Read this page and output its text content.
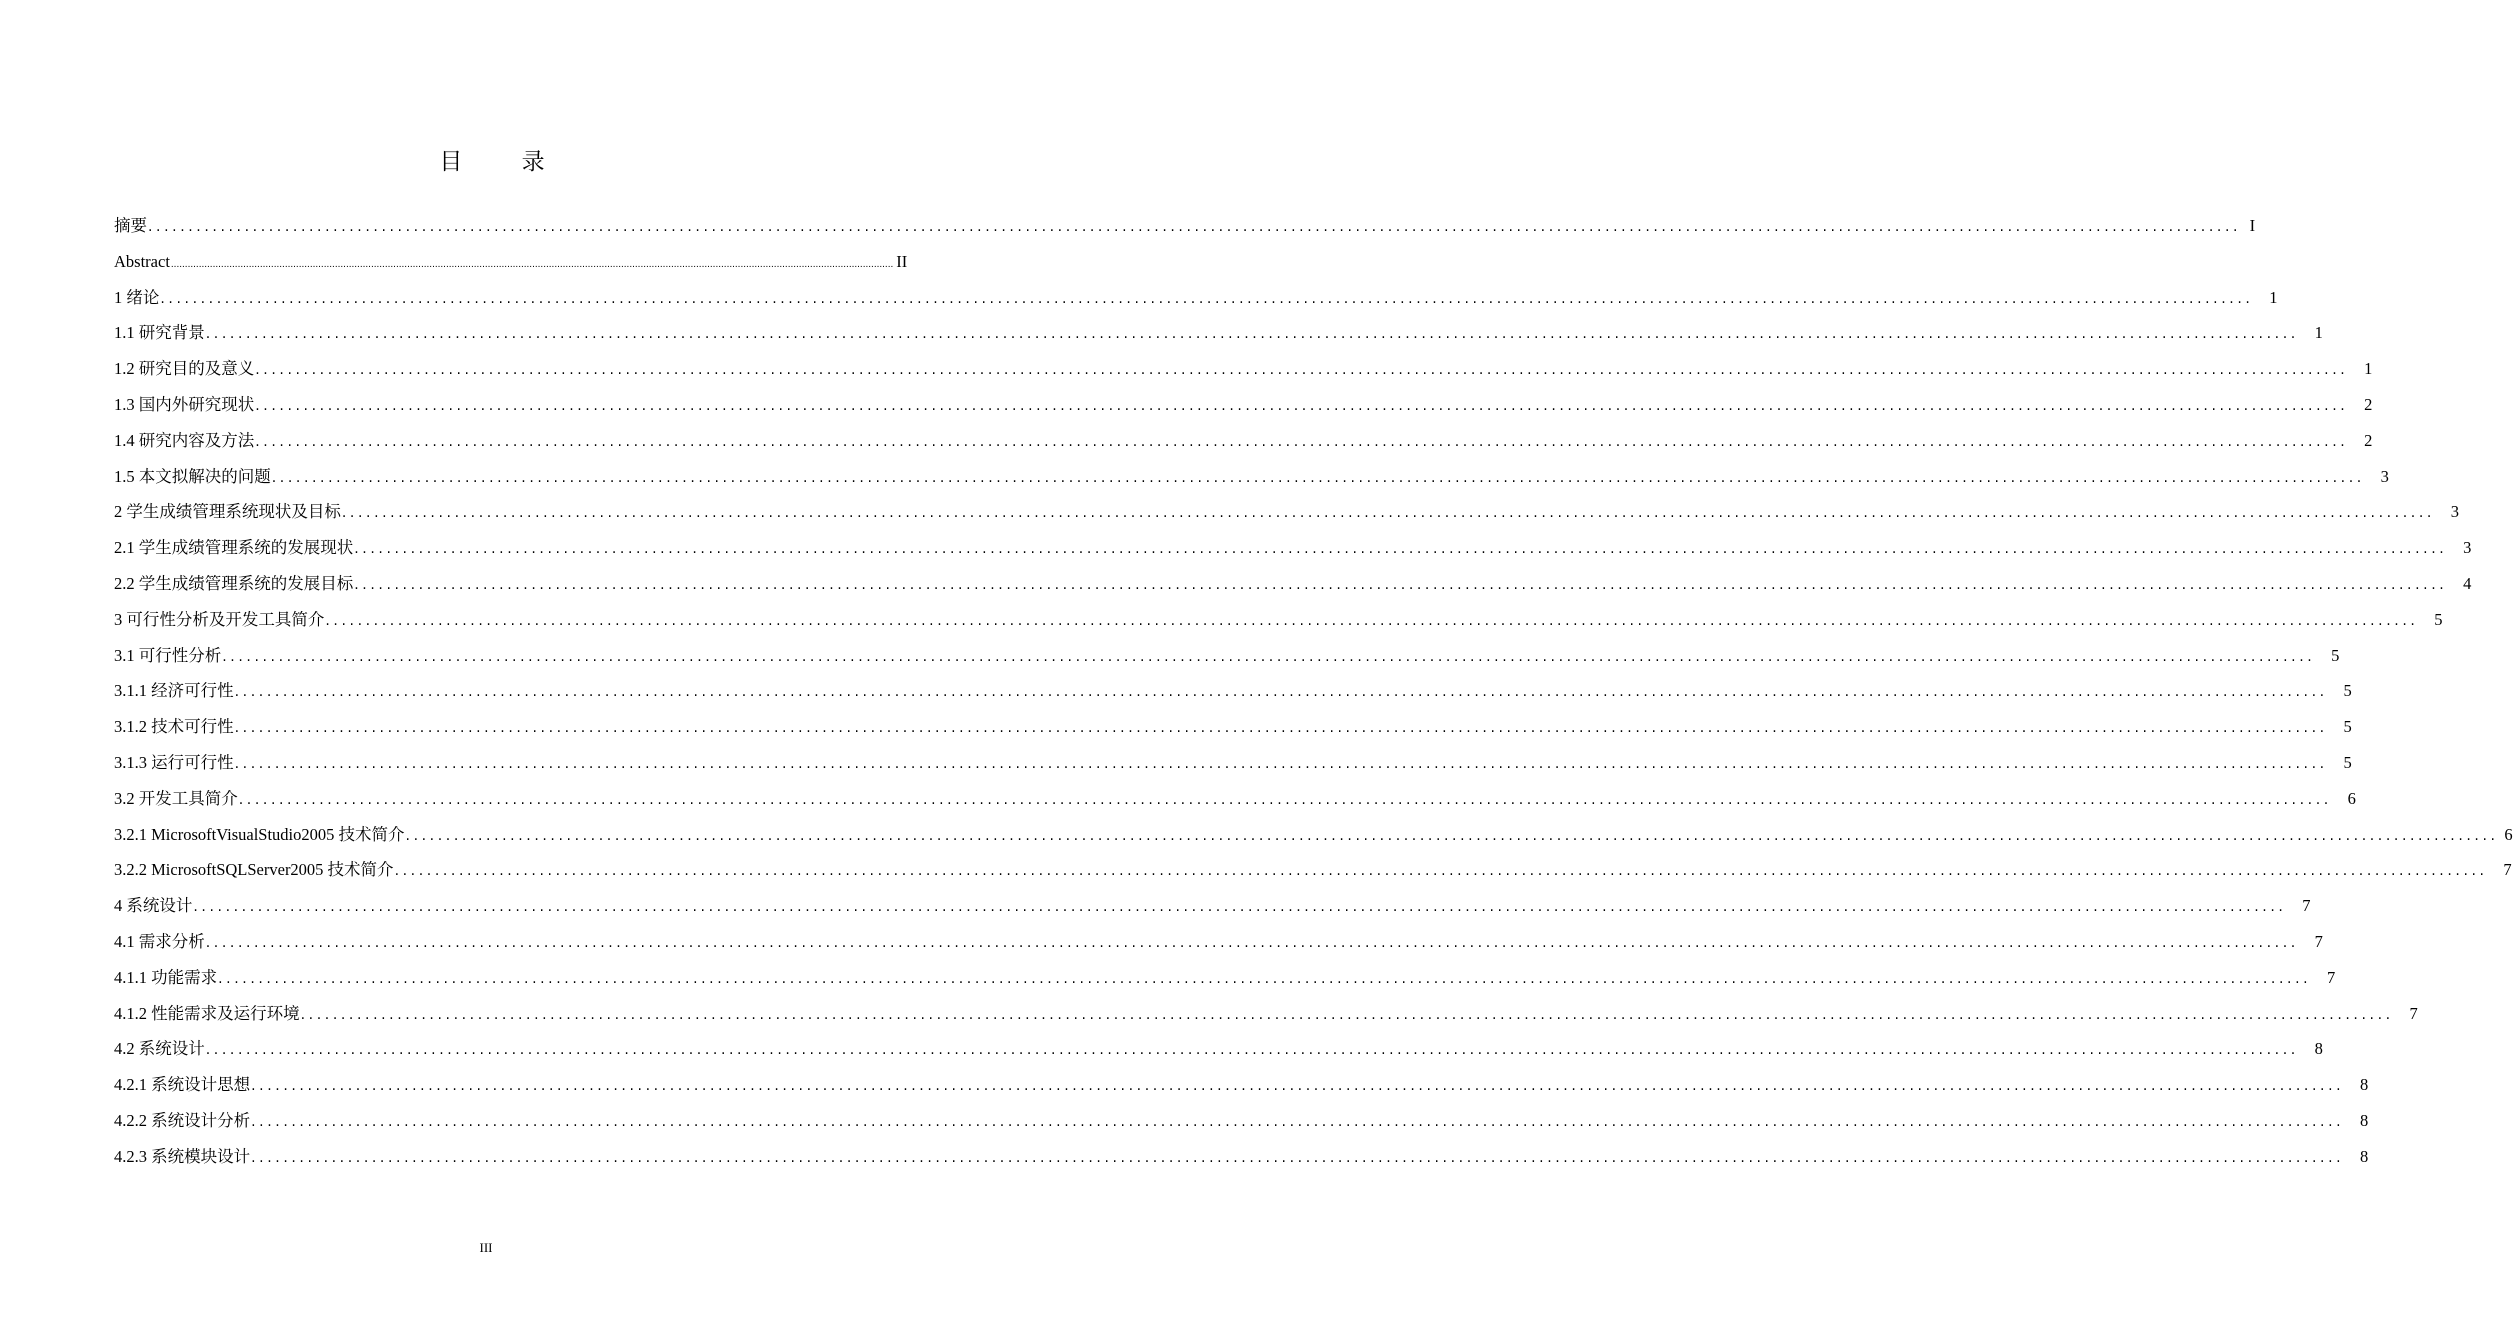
目 录
摘要 .................................................................................................................................................................................................................................................................... I
Abstract .................................................................................................................................................................................................................................................................... II
1 绪论 .................................................................................................................................................................................................................................................................... 1
1.1 研究背景 .................................................................................................................................................................................................................................................................... 1
1.2 研究目的及意义 .................................................................................................................................................................................................................................................................... 1
1.3 国内外研究现状 .................................................................................................................................................................................................................................................................... 2
1.4 研究内容及方法 .................................................................................................................................................................................................................................................................... 2
1.5 本文拟解决的问题 .................................................................................................................................................................................................................................................................... 3
2 学生成绩管理系统现状及目标 .................................................................................................................................................................................................................................................................... 3
2.1 学生成绩管理系统的发展现状 .................................................................................................................................................................................................................................................................... 3
2.2 学生成绩管理系统的发展目标 .................................................................................................................................................................................................................................................................... 4
3 可行性分析及开发工具简介 .................................................................................................................................................................................................................................................................... 5
3.1 可行性分析 .................................................................................................................................................................................................................................................................... 5
3.1.1 经济可行性 .................................................................................................................................................................................................................................................................... 5
3.1.2 技术可行性 .................................................................................................................................................................................................................................................................... 5
3.1.3 运行可行性 .................................................................................................................................................................................................................................................................... 5
3.2 开发工具简介 .................................................................................................................................................................................................................................................................... 6
3.2.1 MicrosoftVisualStudio2005 技术简介 .................................................................................................................................................................................................................................................................... 6
3.2.2 MicrosoftSQLServer2005 技术简介 .................................................................................................................................................................................................................................................................... 7
4 系统设计 .................................................................................................................................................................................................................................................................... 7
4.1 需求分析 .................................................................................................................................................................................................................................................................... 7
4.1.1 功能需求 .................................................................................................................................................................................................................................................................... 7
4.1.2 性能需求及运行环境 .................................................................................................................................................................................................................................................................... 7
4.2 系统设计 .................................................................................................................................................................................................................................................................... 8
4.2.1 系统设计思想 .................................................................................................................................................................................................................................................................... 8
4.2.2 系统设计分析 .................................................................................................................................................................................................................................................................... 8
4.2.3 系统模块设计 .................................................................................................................................................................................................................................................................... 8
III
